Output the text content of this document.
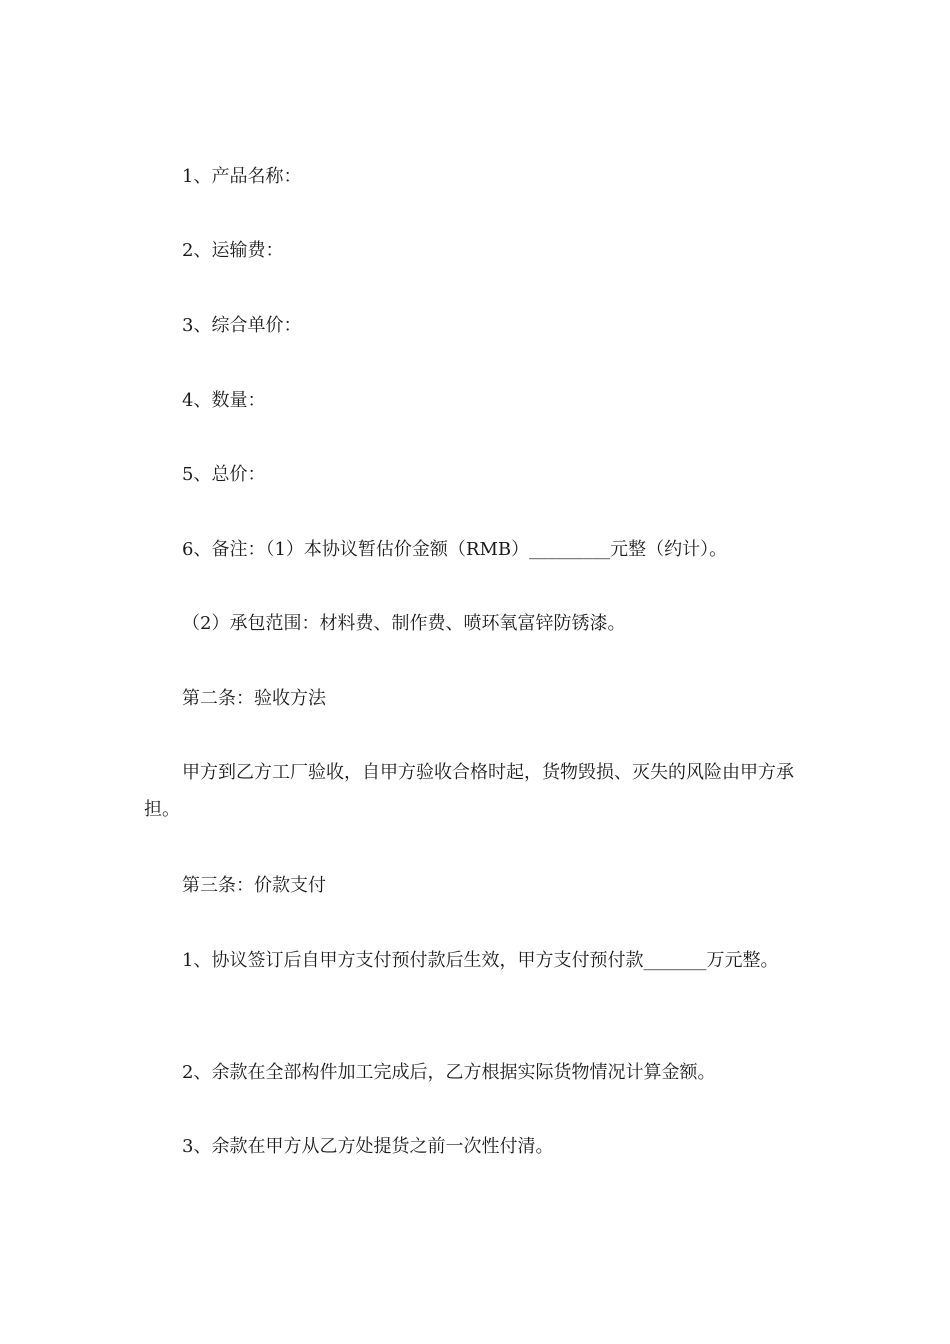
1、产品名称：

2、运输费：

3、综合单价：

4、数量：

5、总价：

6、备注：（1）本协议暂估价金额（RMB）_________元整（约计）。

（2）承包范围：材料费、制作费、喷环氧富锌防锈漆。

第二条：验收方法

甲方到乙方工厂验收，自甲方验收合格时起，货物毁损、灭失的风险由甲方承担。

第三条：价款支付

1、协议签订后自甲方支付预付款后生效，甲方支付预付款_______万元整。

2、余款在全部构件加工完成后，乙方根据实际货物情况计算金额。

3、余款在甲方从乙方处提货之前一次性付清。
